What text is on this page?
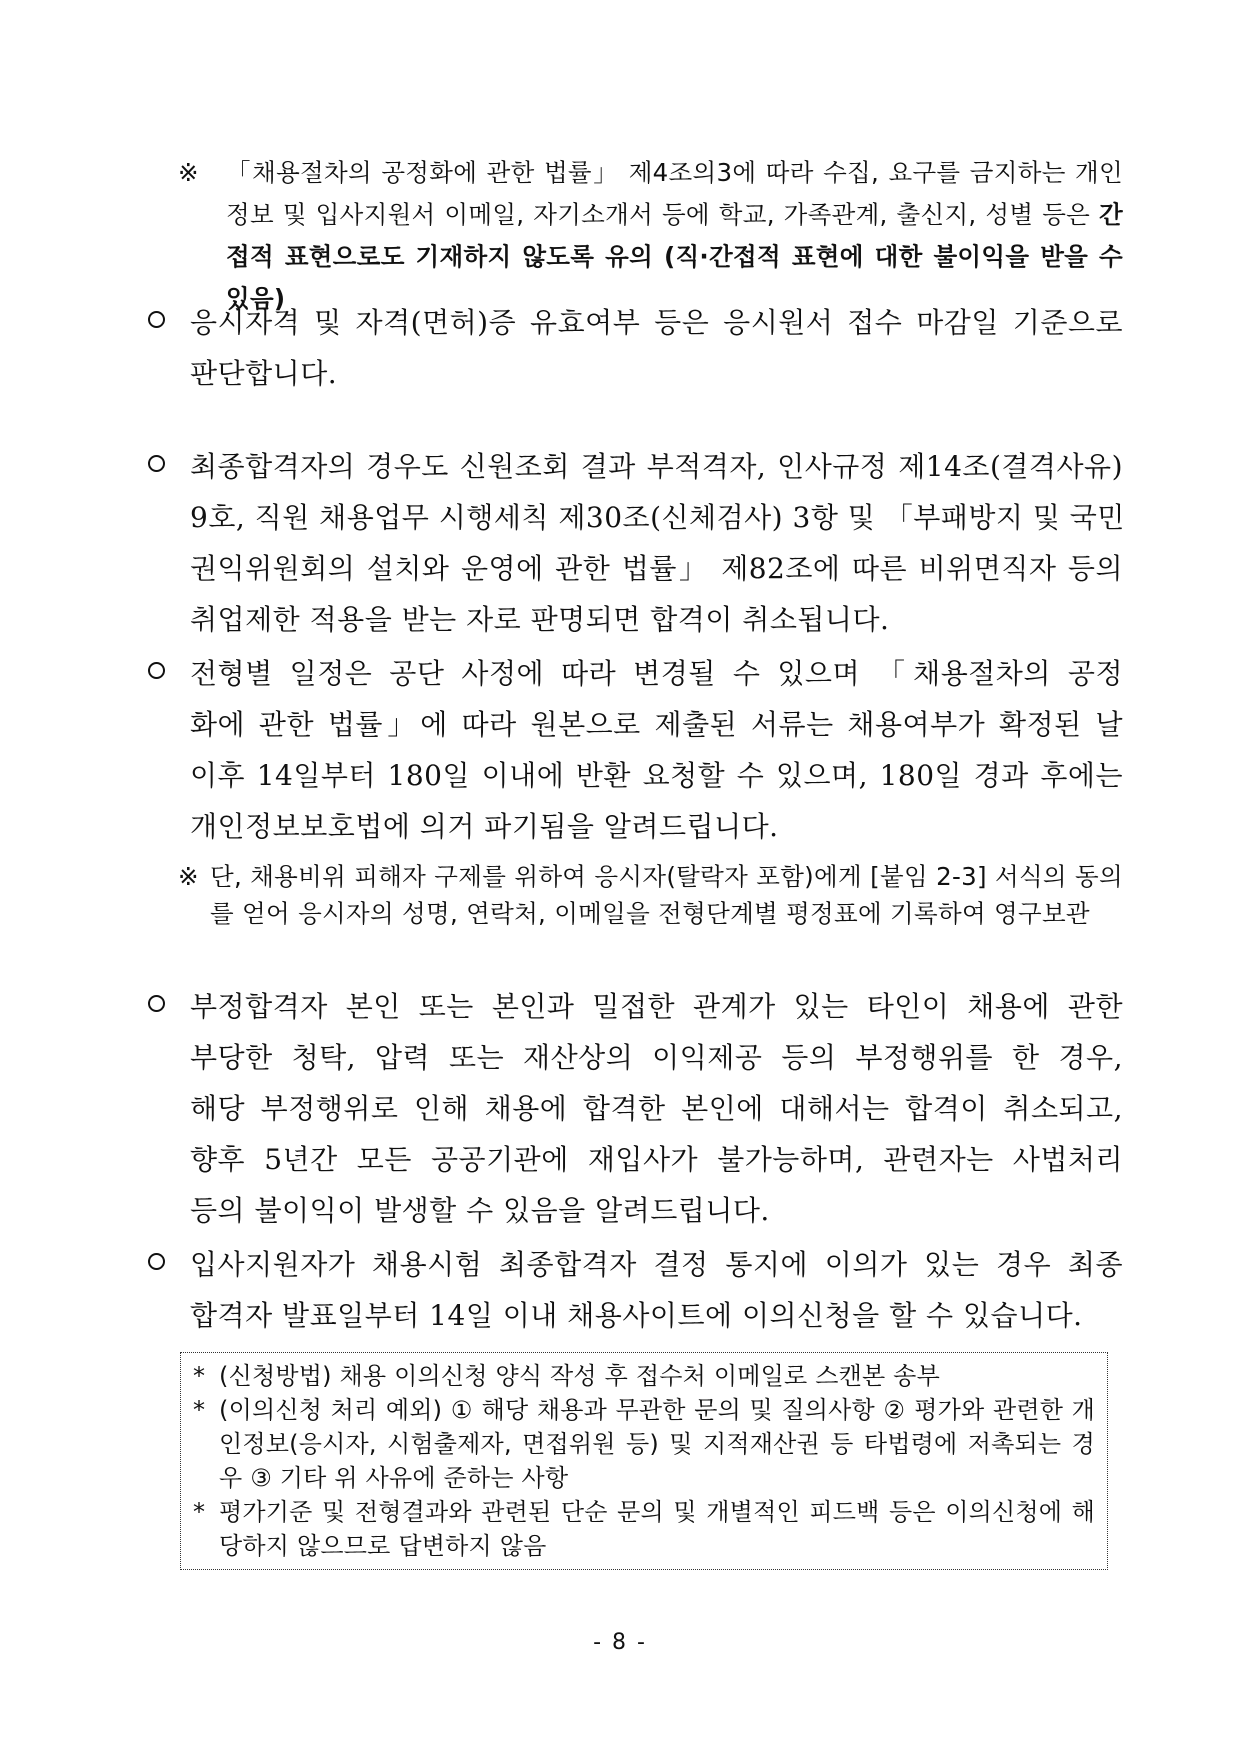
※	「채용절차의 공정화에 관한 법률」 제4조의3에 따라 수집, 요구를 금지하는 개인정보 및 입사지원서 이메일, 자기소개서 등에 학교, 가족관계, 출신지, 성별 등은 간접적 표현으로도 기재하지 않도록 유의 (직·간접적 표현에 대한 불이익을 받을 수 있음)
응시자격 및 자격(면허)증 유효여부 등은 응시원서 접수 마감일 기준으로
판단합니다.
최종합격자의 경우도 신원조회 결과 부적격자, 인사규정 제14조(결격사유)
9호, 직원 채용업무 시행세칙 제30조(신체검사) 3항 및 「부패방지 및 국민
권익위원회의 설치와 운영에 관한 법률」 제82조에 따른 비위면직자 등의
취업제한 적용을 받는 자로 판명되면 합격이 취소됩니다.
전형별 일정은 공단 사정에 따라 변경될 수 있으며 「채용절차의 공정
화에 관한 법률」에 따라 원본으로 제출된 서류는 채용여부가 확정된 날
이후 14일부터 180일 이내에 반환 요청할 수 있으며, 180일 경과 후에는
개인정보보호법에 의거 파기됨을 알려드립니다.
※ 단, 채용비위 피해자 구제를 위하여 응시자(탈락자 포함)에게 [붙임 2-3] 서식의 동의를 얻어 응시자의 성명, 연락처, 이메일을 전형단계별 평정표에 기록하여 영구보관
부정합격자 본인 또는 본인과 밀접한 관계가 있는 타인이 채용에 관한
부당한 청탁, 압력 또는 재산상의 이익제공 등의 부정행위를 한 경우,
해당 부정행위로 인해 채용에 합격한 본인에 대해서는 합격이 취소되고,
향후 5년간 모든 공공기관에 재입사가 불가능하며, 관련자는 사법처리
등의 불이익이 발생할 수 있음을 알려드립니다.
입사지원자가 채용시험 최종합격자 결정 통지에 이의가 있는 경우 최종
합격자 발표일부터 14일 이내 채용사이트에 이의신청을 할 수 있습니다.
* (신청방법) 채용 이의신청 양식 작성 후 접수처 이메일로 스캔본 송부
* (이의신청 처리 예외) ① 해당 채용과 무관한 문의 및 질의사항 ② 평가와 관련한 개인정보(응시자, 시험출제자, 면접위원 등) 및 지적재산권 등 타법령에 저촉되는 경우 ③ 기타 위 사유에 준하는 사항
* 평가기준 및 전형결과와 관련된 단순 문의 및 개별적인 피드백 등은 이의신청에 해당하지 않으므로 답변하지 않음
- 8 -
